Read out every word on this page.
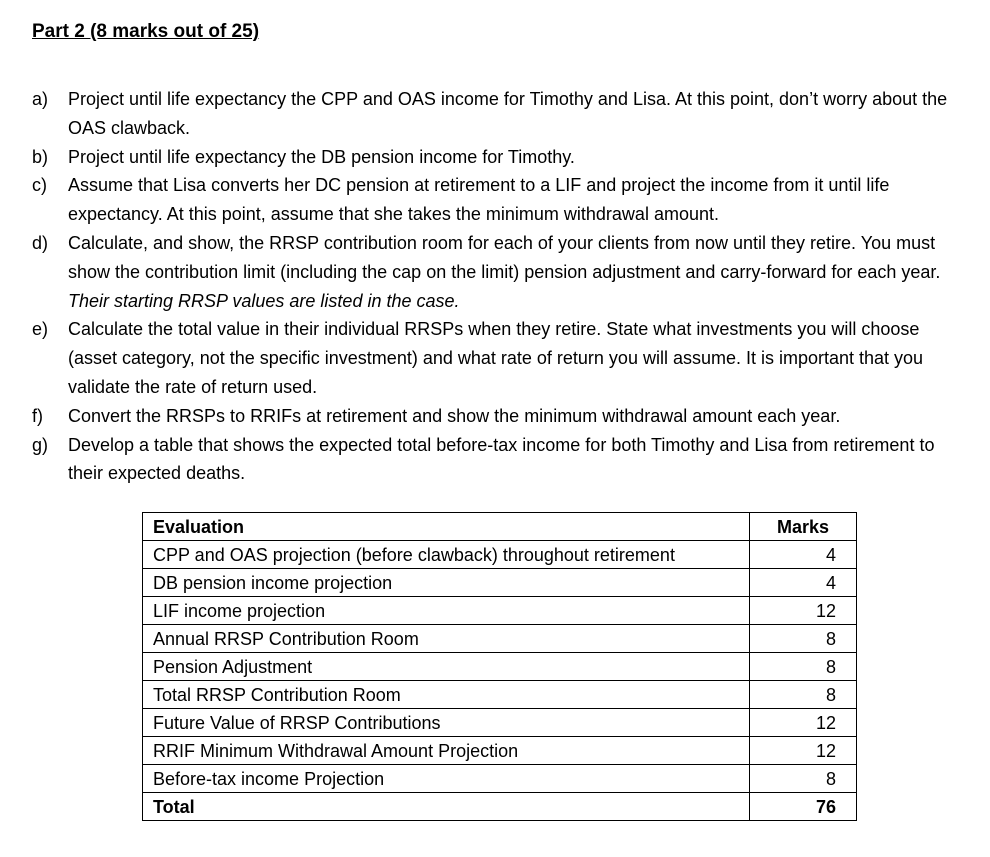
Part 2 (8 marks out of 25)
a) Project until life expectancy the CPP and OAS income for Timothy and Lisa. At this point, don’t worry about the OAS clawback.
b) Project until life expectancy the DB pension income for Timothy.
c) Assume that Lisa converts her DC pension at retirement to a LIF and project the income from it until life expectancy. At this point, assume that she takes the minimum withdrawal amount.
d) Calculate, and show, the RRSP contribution room for each of your clients from now until they retire. You must show the contribution limit (including the cap on the limit) pension adjustment and carry-forward for each year.  Their starting RRSP values are listed in the case.
e) Calculate the total value in their individual RRSPs when they retire. State what investments you will choose (asset category, not the specific investment) and what rate of return you will assume. It is important that you validate the rate of return used.
f) Convert the RRSPs to RRIFs at retirement and show the minimum withdrawal amount each year.
g) Develop a table that shows the expected total before-tax income for both Timothy and Lisa from retirement to their expected deaths.
Evaluation	Marks
CPP and OAS projection (before clawback) throughout retirement	4
DB pension income projection	4
LIF income projection	12
Annual RRSP Contribution Room	8
Pension Adjustment	8
Total RRSP Contribution Room	8
Future Value of RRSP Contributions	12
RRIF Minimum Withdrawal Amount Projection	12
Before-tax income Projection	8
Total	76
